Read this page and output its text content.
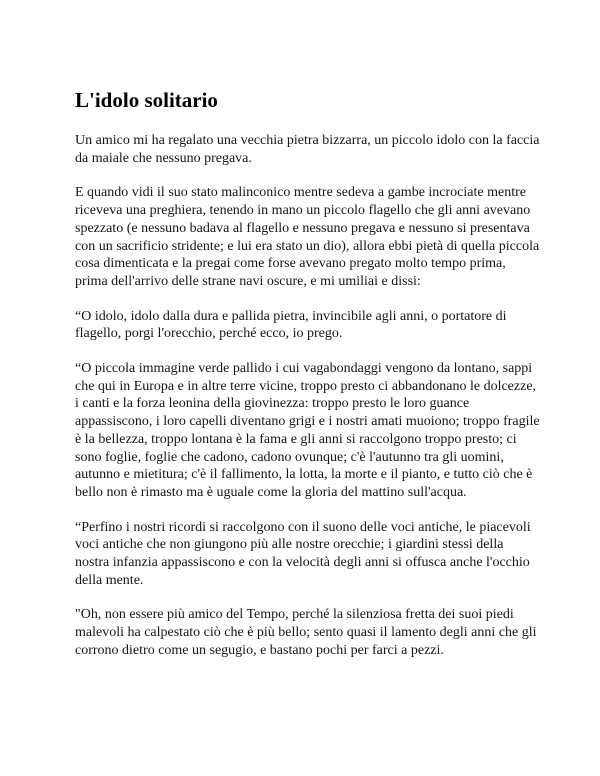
L'idolo solitario

Un amico mi ha regalato una vecchia pietra bizzarra, un piccolo idolo con la faccia da maiale che nessuno pregava.

E quando vidi il suo stato malinconico mentre sedeva a gambe incrociate mentre riceveva una preghiera, tenendo in mano un piccolo flagello che gli anni avevano spezzato (e nessuno badava al flagello e nessuno pregava e nessuno si presentava con un sacrificio stridente; e lui era stato un dio), allora ebbi pietà di quella piccola cosa dimenticata e la pregai come forse avevano pregato molto tempo prima, prima dell'arrivo delle strane navi oscure, e mi umiliai e dissi:

“O idolo, idolo dalla dura e pallida pietra, invincibile agli anni, o portatore di flagello, porgi l'orecchio, perché ecco, io prego.

“O piccola immagine verde pallido i cui vagabondaggi vengono da lontano, sappi che qui in Europa e in altre terre vicine, troppo presto ci abbandonano le dolcezze, i canti e la forza leonina della giovinezza: troppo presto le loro guance appassiscono, i loro capelli diventano grigi e i nostri amati muoiono; troppo fragile è la bellezza, troppo lontana è la fama e gli anni si raccolgono troppo presto; ci sono foglie, foglie che cadono, cadono ovunque; c'è l'autunno tra gli uomini, autunno e mietitura; c'è il fallimento, la lotta, la morte e il pianto, e tutto ciò che è bello non è rimasto ma è uguale come la gloria del mattino sull'acqua.

“Perfino i nostri ricordi si raccolgono con il suono delle voci antiche, le piacevoli voci antiche che non giungono più alle nostre orecchie; i giardini stessi della nostra infanzia appassiscono e con la velocità degli anni si offusca anche l'occhio della mente.

"Oh, non essere più amico del Tempo, perché la silenziosa fretta dei suoi piedi malevoli ha calpestato ciò che è più bello; sento quasi il lamento degli anni che gli corrono dietro come un segugio, e bastano pochi per farci a pezzi.
